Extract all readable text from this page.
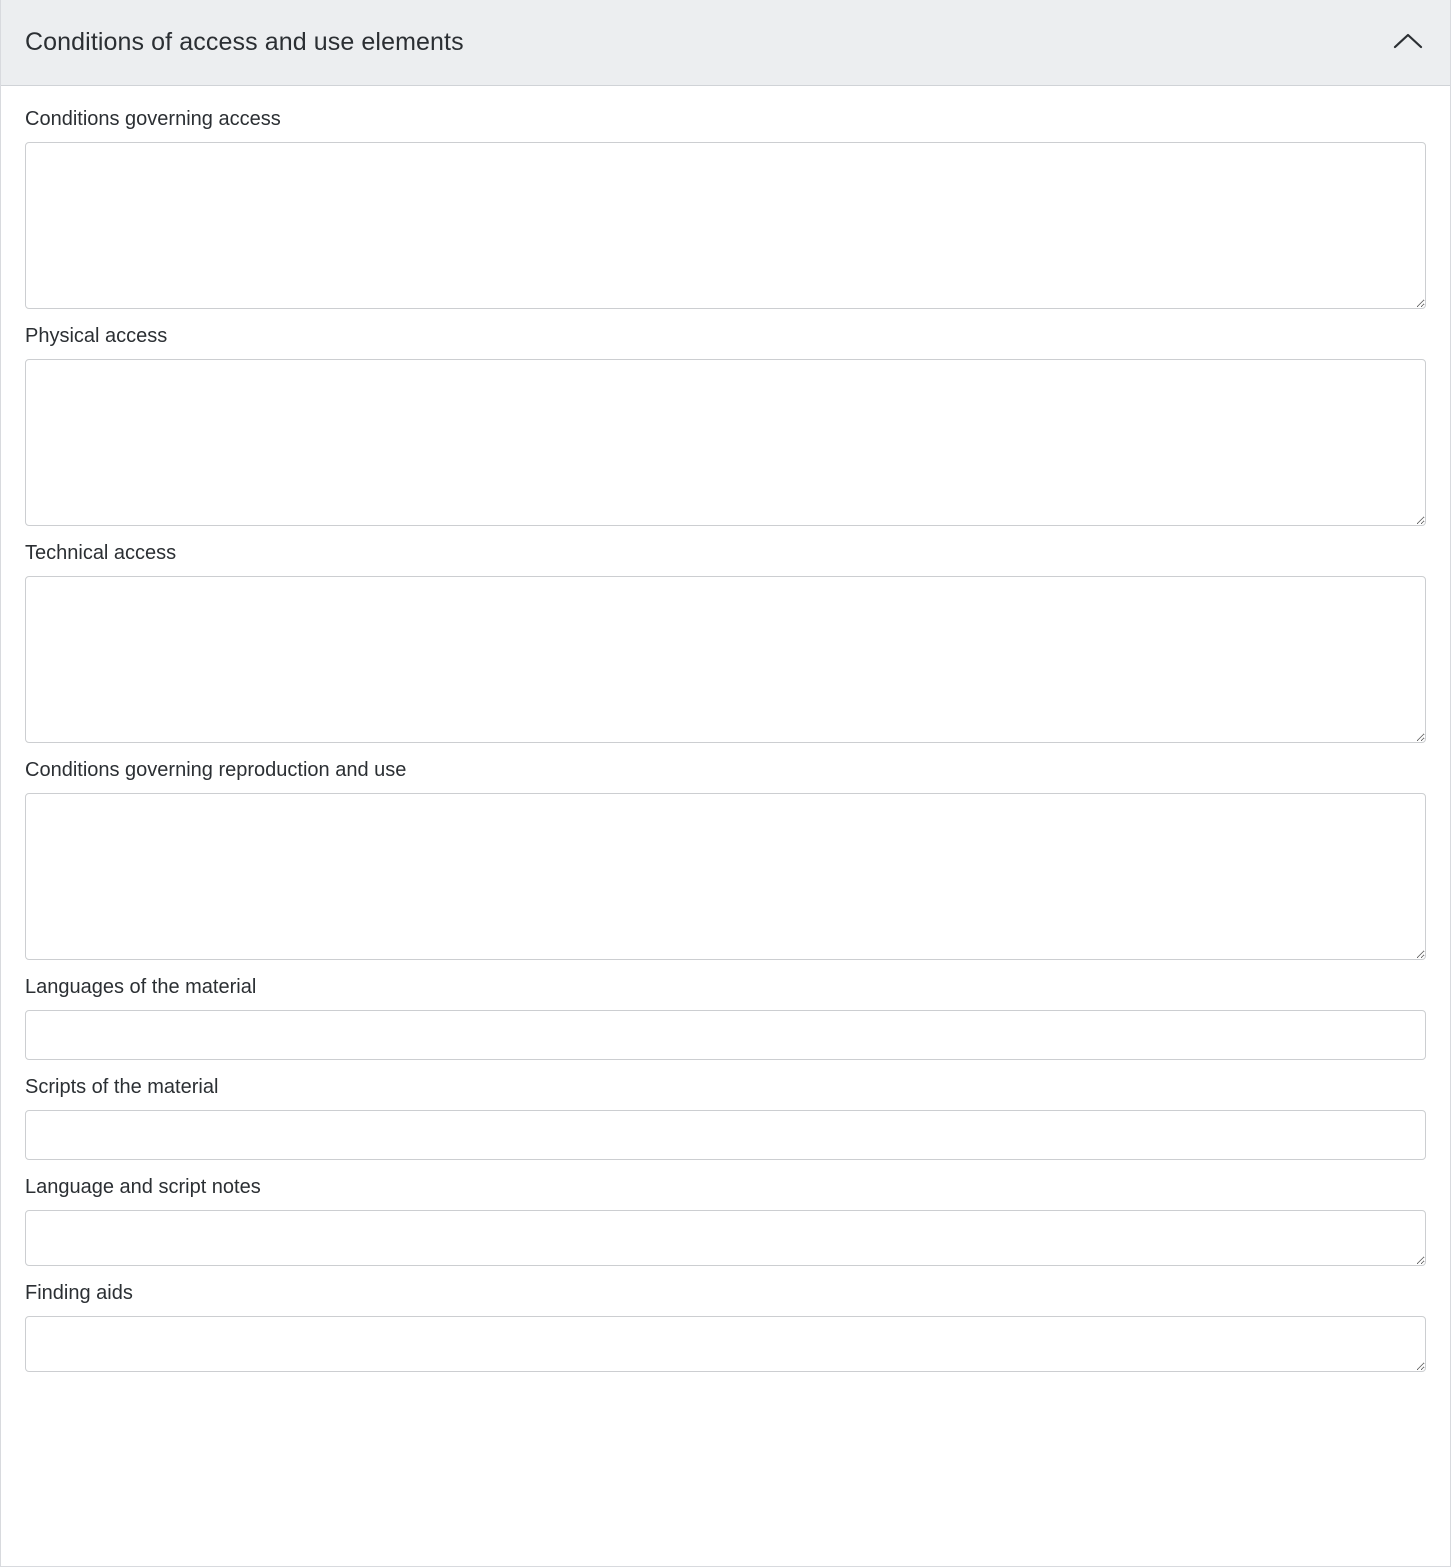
Conditions of access and use elements
Conditions governing access
Physical access
Technical access
Conditions governing reproduction and use
Languages of the material
Scripts of the material
Language and script notes
Finding aids
